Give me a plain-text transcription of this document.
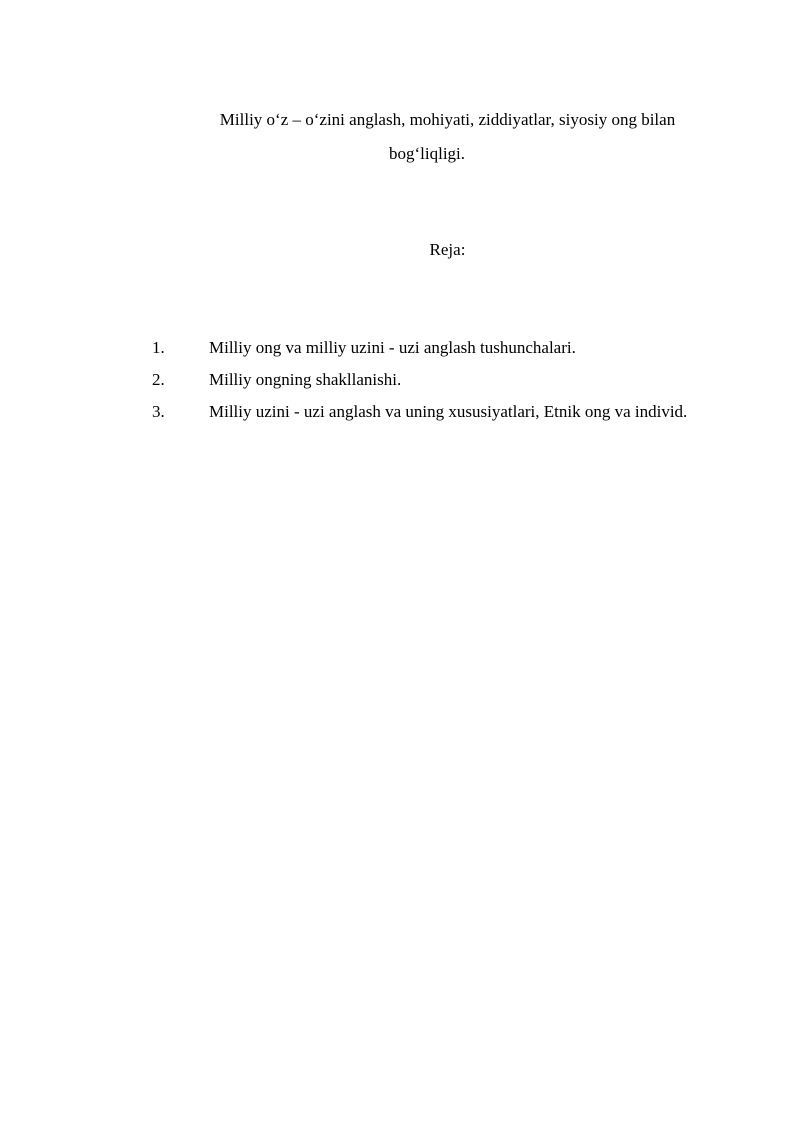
Milliy o‘z – o‘zini anglash, mohiyati, ziddiyatlar, siyosiy ong bilan
bog‘liqligi.
Reja:
1.	Milliy ong va milliy uzini - uzi anglash tushunchalari.
2.	Milliy ongning shakllanishi.
3.	Milliy uzini - uzi anglash va uning xususiyatlari, Etnik ong va individ.
